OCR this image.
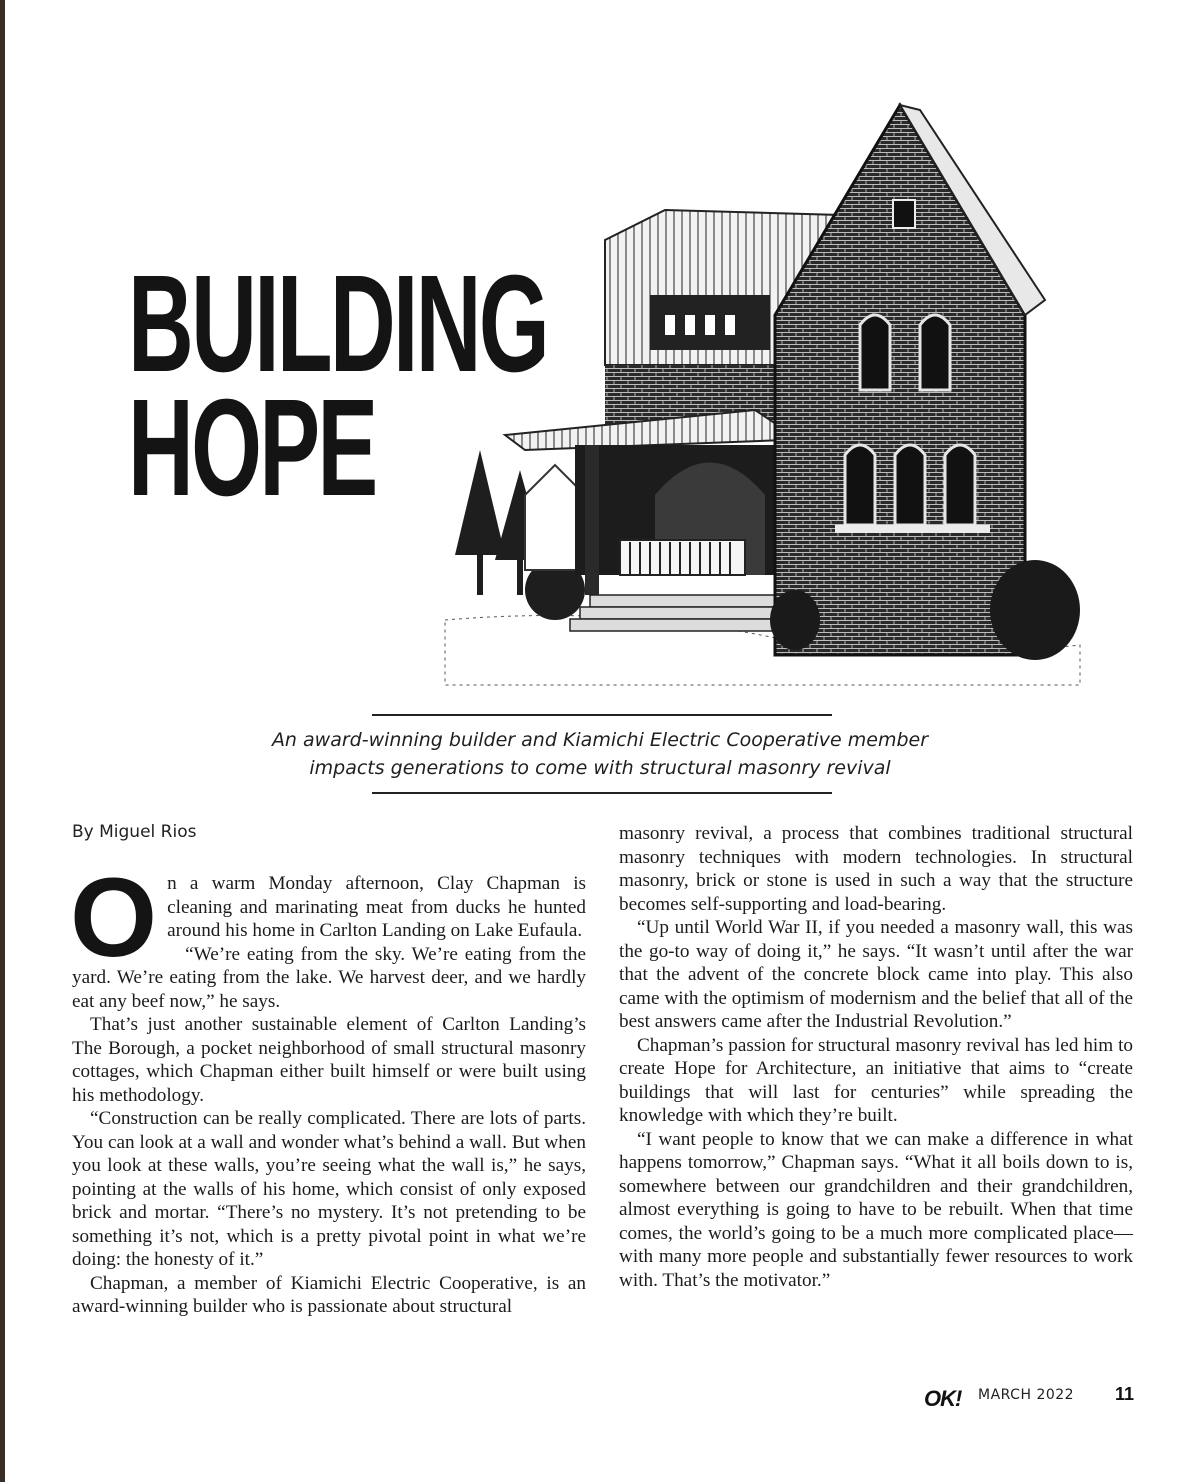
BUILDING
HOPE
An award-winning builder and Kiamichi Electric Cooperative member
impacts generations to come with structural masonry revival
By Miguel Rios

On a warm Monday afternoon, Clay Chapman is cleaning and marinating meat from ducks he hunted around his home in Carlton Landing on Lake Eufaula.

“We’re eating from the sky. We’re eating from the yard. We’re eating from the lake. We harvest deer, and we hardly eat any beef now,” he says.

That’s just another sustainable element of Carlton Landing’s The Borough, a pocket neighborhood of small structural masonry cottages, which Chapman either built himself or were built using his methodology.

“Construction can be really complicated. There are lots of parts. You can look at a wall and wonder what’s behind a wall. But when you look at these walls, you’re seeing what the wall is,” he says, pointing at the walls of his home, which consist of only exposed brick and mortar. “There’s no mystery. It’s not pretending to be something it’s not, which is a pretty pivotal point in what we’re doing: the honesty of it.”

Chapman, a member of Kiamichi Electric Cooperative, is an award-winning builder who is passionate about structural

masonry revival, a process that combines traditional structural masonry techniques with modern technologies. In structural masonry, brick or stone is used in such a way that the structure becomes self-supporting and load-bearing.

“Up until World War II, if you needed a masonry wall, this was the go-to way of doing it,” he says. “It wasn’t until after the war that the advent of the concrete block came into play. This also came with the optimism of modernism and the belief that all of the best answers came after the Industrial Revolution.”

Chapman’s passion for structural masonry revival has led him to create Hope for Architecture, an initiative that aims to “create buildings that will last for centuries” while spreading the knowledge with which they’re built.

“I want people to know that we can make a difference in what happens tomorrow,” Chapman says. “What it all boils down to is, somewhere between our grandchildren and their grandchildren, almost everything is going to have to be rebuilt. When that time comes, the world’s going to be a much more complicated place—with many more people and substantially fewer resources to work with. That’s the motivator.”

OK! MARCH 2022 11
